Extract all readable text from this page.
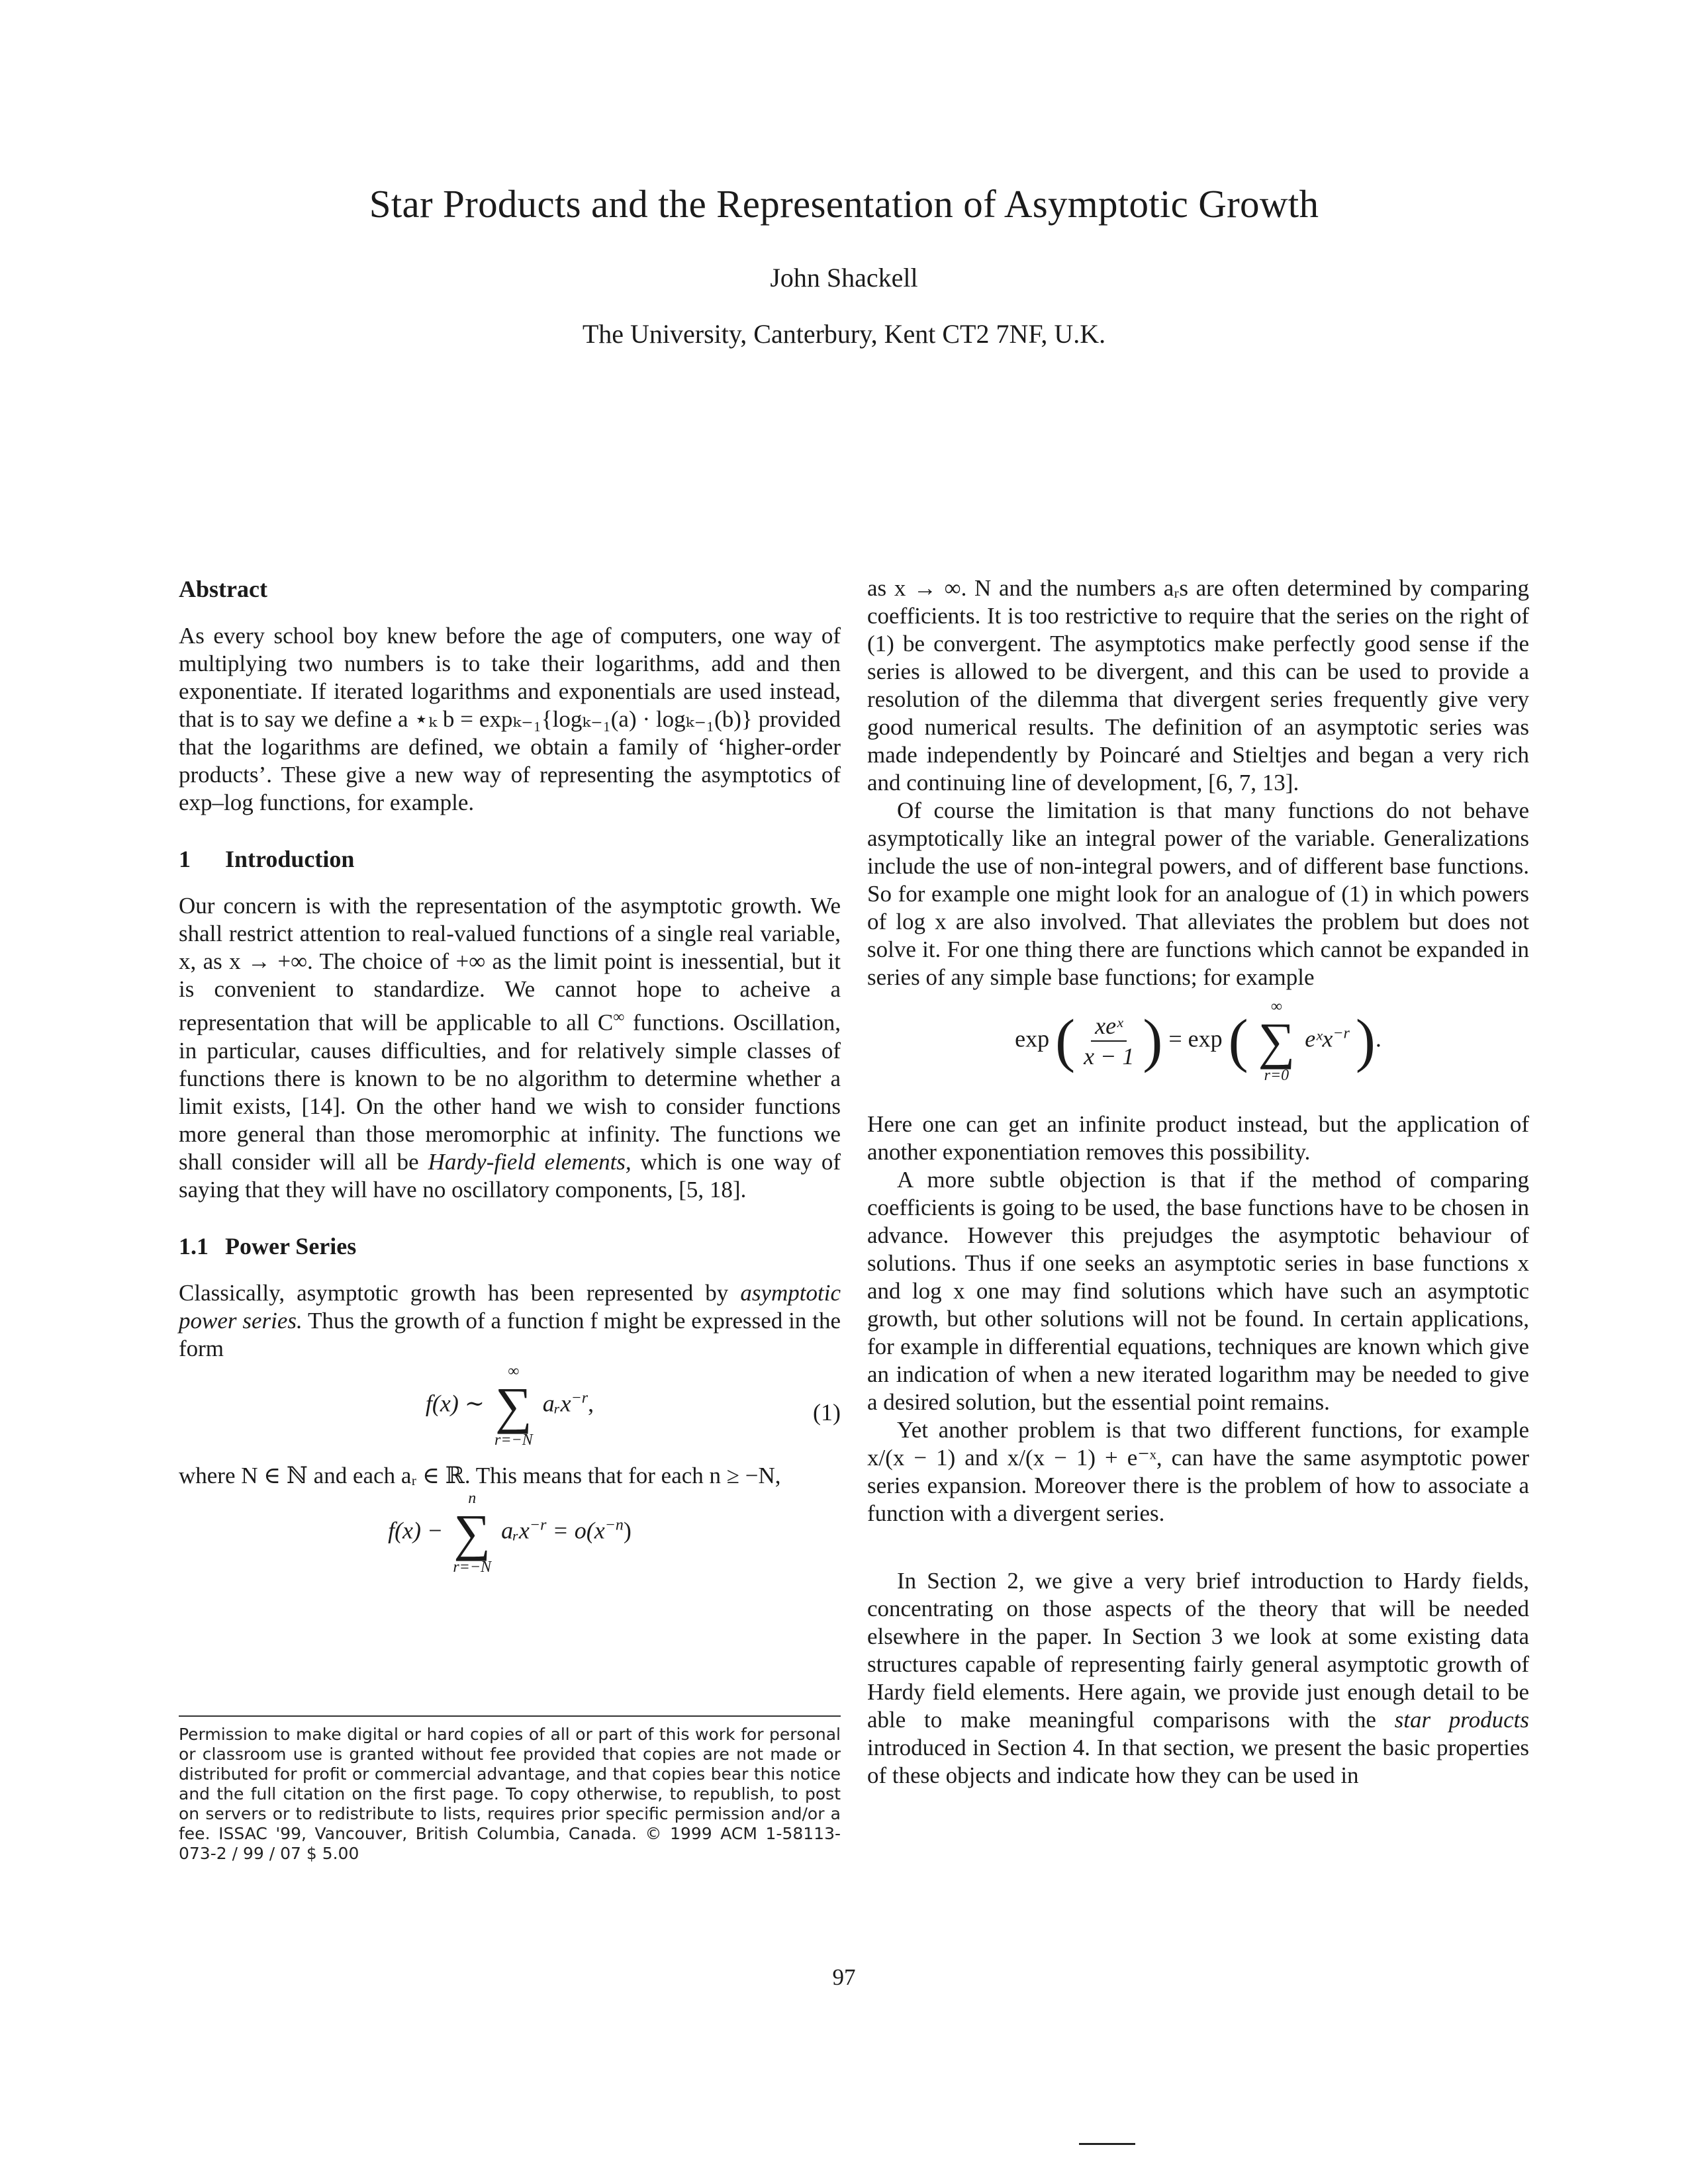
Star Products and the Representation of Asymptotic Growth
John Shackell
The University, Canterbury, Kent CT2 7NF, U.K.

Abstract

As every school boy knew before the age of computers, one way of multiplying two numbers is to take their logarithms, add and then exponentiate. If iterated logarithms and exponentials are used instead, that is to say we define a ⋆ₖ b = expₖ₋₁{logₖ₋₁(a) · logₖ₋₁(b)} provided that the logarithms are defined, we obtain a family of ‘higher-order products’. These give a new way of representing the asymptotics of exp–log functions, for example.

1 Introduction

Our concern is with the representation of the asymptotic growth. We shall restrict attention to real-valued functions of a single real variable, x, as x → +∞. The choice of +∞ as the limit point is inessential, but it is convenient to standardize. We cannot hope to acheive a representation that will be applicable to all C∞ functions. Oscillation, in particular, causes difficulties, and for relatively simple classes of functions there is known to be no algorithm to determine whether a limit exists, [14]. On the other hand we wish to consider functions more general than those meromorphic at infinity. The functions we shall consider will all be Hardy-field elements, which is one way of saying that they will have no oscillatory components, [5, 18].

1.1 Power Series

Classically, asymptotic growth has been represented by asymptotic power series. Thus the growth of a function f might be expressed in the form

f(x) ∼
∞
∑
r=−N
aᵣx$^{-r}$,	(1)

where N ∈ ℕ and each aᵣ ∈ ℝ. This means that for each n ≥ −N,

f(x) −
n
∑
r=−N
aᵣx$^{-r}$ = $o(x^{-n})$
Permission to make digital or hard copies of all or part of this work for personal or classroom use is granted without fee provided that copies are not made or distributed for profit or commercial advantage, and that copies bear this notice and the full citation on the first page. To copy otherwise, to republish, to post on servers or to redistribute to lists, requires prior specific permission and/or a fee. ISSAC '99, Vancouver, British Columbia, Canada. © 1999 ACM 1-58113-073-2 / 99 / 07 $ 5.00

as x → ∞. N and the numbers aᵣs are often determined by comparing coefficients. It is too restrictive to require that the series on the right of (1) be convergent. The asymptotics make perfectly good sense if the series is allowed to be divergent, and this can be used to provide a resolution of the dilemma that divergent series frequently give very good numerical results. The definition of an asymptotic series was made independently by Poincaré and Stieltjes and began a very rich and continuing line of development, [6, 7, 13].

Of course the limitation is that many functions do not behave asymptotically like an integral power of the variable. Generalizations include the use of non-integral powers, and of different base functions. So for example one might look for an analogue of (1) in which powers of log x are also involved. That alleviates the problem but does not solve it. For one thing there are functions which cannot be expanded in series of any simple base functions; for example

exp ( $\frac{\text{xeˣ}}{x - 1}$ ) = exp (
∞
∑
r=0
eˣx$^{-r}$ ).

Here one can get an infinite product instead, but the application of another exponentiation removes this possibility.

A more subtle objection is that if the method of comparing coefficients is going to be used, the base functions have to be chosen in advance. However this prejudges the asymptotic behaviour of solutions. Thus if one seeks an asymptotic series in base functions x and log x one may find solutions which have such an asymptotic growth, but other solutions will not be found. In certain applications, for example in differential equations, techniques are known which give an indication of when a new iterated logarithm may be needed to give a desired solution, but the essential point remains.

Yet another problem is that two different functions, for example x/(x − 1) and x/(x − 1) + e⁻ˣ, can have the same asymptotic power series expansion. Moreover there is the problem of how to associate a function with a divergent series.

In Section 2, we give a very brief introduction to Hardy fields, concentrating on those aspects of the theory that will be needed elsewhere in the paper. In Section 3 we look at some existing data structures capable of representing fairly general asymptotic growth of Hardy field elements. Here again, we provide just enough detail to be able to make meaningful comparisons with the star products introduced in Section 4. In that section, we present the basic properties of these objects and indicate how they can be used in

97
